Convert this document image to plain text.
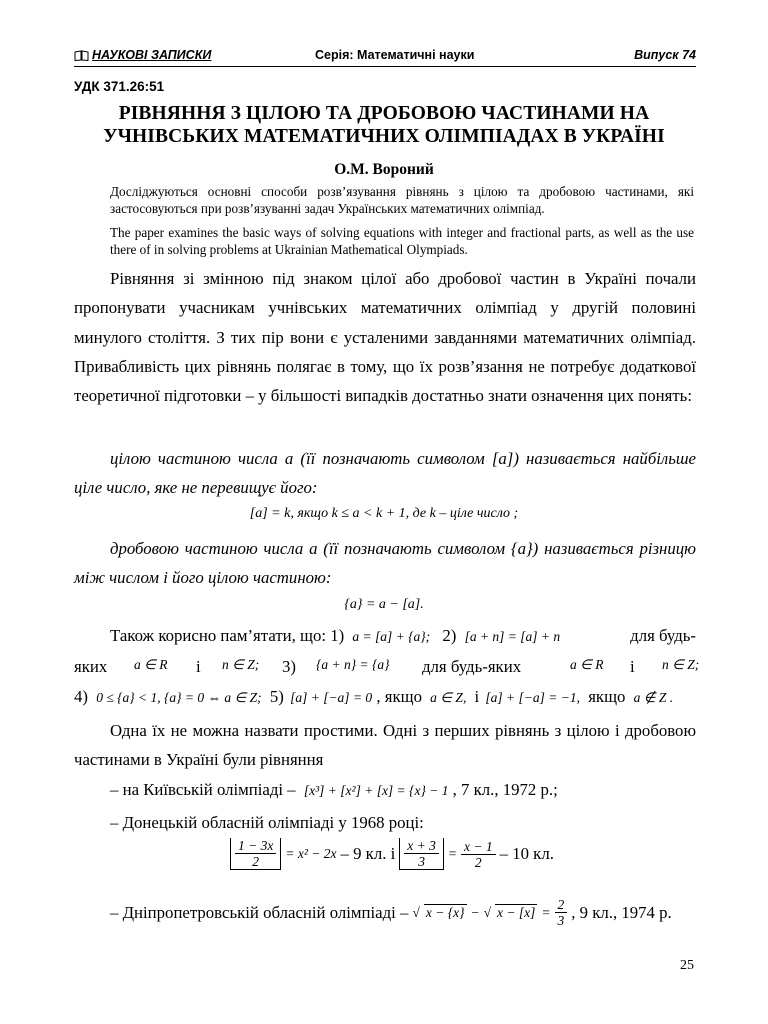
НАУКОВІ ЗАПИСКИ	Серія: Математичні науки	Випуск 74
УДК 371.26:51
РІВНЯННЯ З ЦІЛОЮ ТА ДРОБОВОЮ ЧАСТИНАМИ НА УЧНІВСЬКИХ МАТЕМАТИЧНИХ ОЛІМПІАДАХ В УКРАЇНІ
О.М. Вороний
Досліджуються основні способи розв’язування рівнянь з цілою та дробовою частинами, які застосовуються при розв’язуванні задач Українських математичних олімпіад.
The paper examines the basic ways of solving equations with integer and fractional parts, as well as the use there of in solving problems at Ukrainian Mathematical Olympiads.
Рівняння зі змінною під знаком цілої або дробової частин в Україні почали пропонувати учасникам учнівських математичних олімпіад у другій половині минулого століття. З тих пір вони є усталеними завданнями математичних олімпіад. Привабливість цих рівнянь полягає в тому, що їх розв’язання не потребує додаткової теоретичної підготовки – у більшості випадків достатньо знати означення цих понять:
цілою частиною числа a (її позначають символом [a]) називається найбільше ціле число, яке не перевищує його:
[a] = k, якщо k ≤ a < k + 1, де k – ціле число ;
дробовою частиною числа a (її позначають символом {a}) називається різницю між числом і його цілою частиною:
{a} = a − [a].
Також корисно пам’ятати, що: 1) a = [a] + {a}; 2) [a + n] = [a] + n	для будь-
яких a ∈ R і n ∈ Z; 3) {a + n} = {a} для будь-яких	a ∈ R і n ∈ Z;
4) 0 ≤ {a} < 1, {a} = 0 ⇔ a ∈ Z; 5) [a] + [−a] = 0 , якщо a ∈ Z, і [a] + [−a] = −1, якщо a ∉ Z .
Одна їх не можна назвати простими. Одні з перших рівнянь з цілою і дробовою частинами в Україні були рівняння
– на Київській олімпіаді – [x³] + [x²] + [x] = {x} − 1 , 7 кл., 1972 р.;
– Донецькій обласній олімпіаді у 1968 році:
$\frac{1 - 3x}{2} = x^2 - 2x - 9$ кл. і $\frac{x + 3}{3} = \frac{x - 1}{2} - 10$ кл.
– Дніпропетровській обласній олімпіаді – √ x − {x} − √ $x - [x] = \frac{2}{3}$ , 9 кл., 1974 р.
25
